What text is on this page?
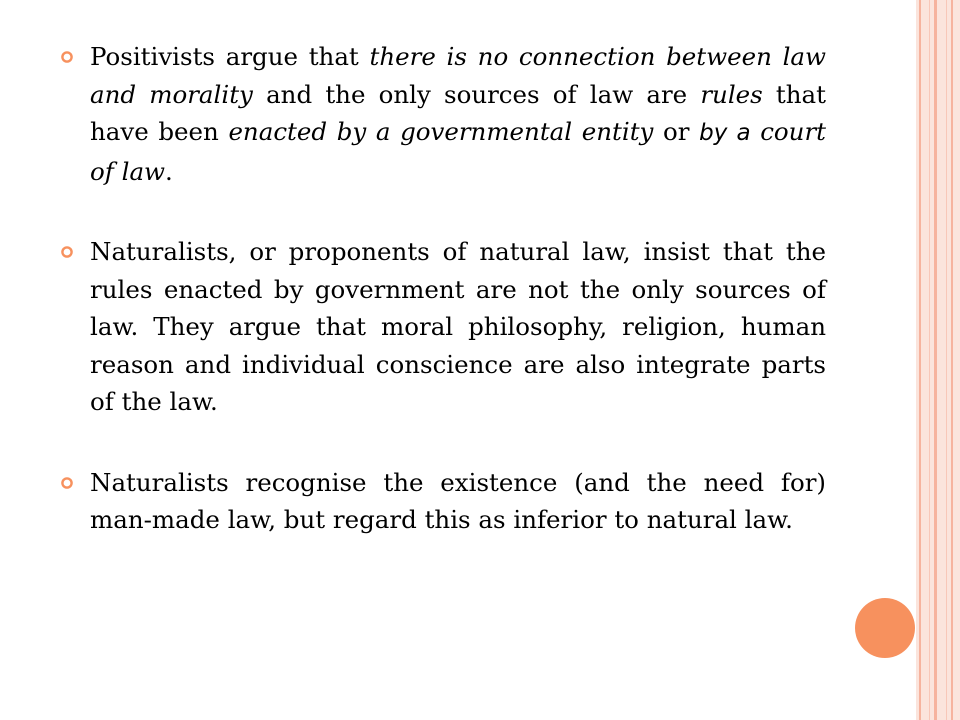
Positivists argue that there is no connection between law and morality and the only sources of law are rules that have been enacted by a governmental entity or by a court of law.

Naturalists, or proponents of natural law, insist that the rules enacted by government are not the only sources of law. They argue that moral philosophy, religion, human reason and individual conscience are also integrate parts of the law.

Naturalists recognise the existence (and the need for) man-made law, but regard this as inferior to natural law.
